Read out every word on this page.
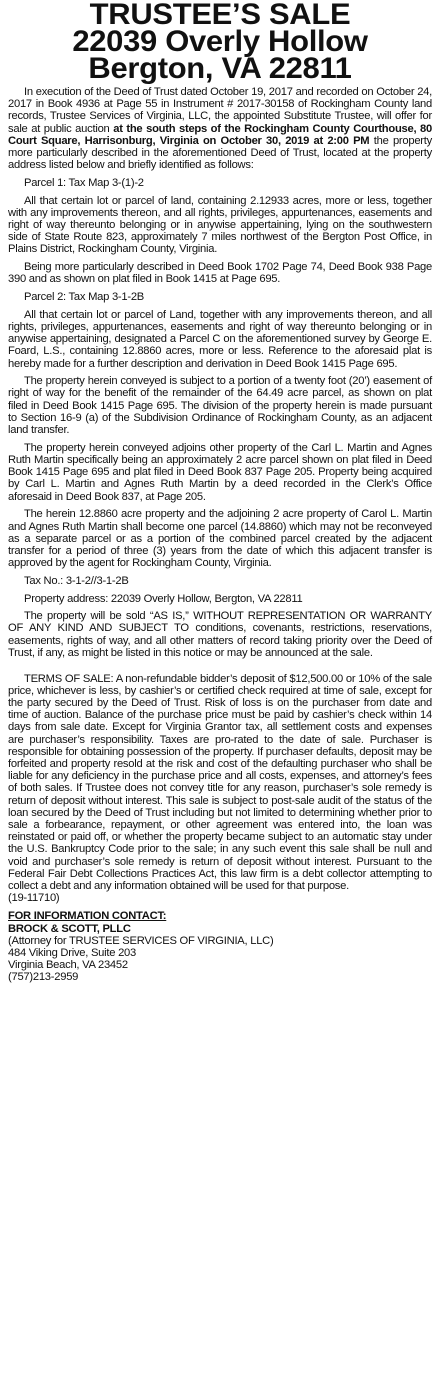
TRUSTEE’S SALE
22039 Overly Hollow
Bergton, VA 22811

In execution of the Deed of Trust dated October 19, 2017 and recorded on October 24, 2017 in Book 4936 at Page 55 in Instrument # 2017-30158 of Rockingham County land records, Trustee Services of Virginia, LLC, the appointed Substitute Trustee, will offer for sale at public auction at the south steps of the Rockingham County Courthouse, 80 Court Square, Harrisonburg, Virginia on October 30, 2019 at 2:00 PM the property more particularly described in the aforementioned Deed of Trust, located at the property address listed below and briefly identified as follows:

Parcel 1: Tax Map 3-(1)-2

All that certain lot or parcel of land, containing 2.12933 acres, more or less, together with any improvements thereon, and all rights, privileges, appurtenances, easements and right of way thereunto belonging or in anywise appertaining, lying on the southwestern side of State Route 823, approximately 7 miles northwest of the Bergton Post Office, in Plains District, Rockingham County, Virginia.

Being more particularly described in Deed Book 1702 Page 74, Deed Book 938 Page 390 and as shown on plat filed in Book 1415 at Page 695.

Parcel 2: Tax Map 3-1-2B

All that certain lot or parcel of Land, together with any improvements thereon, and all rights, privileges, appurtenances, easements and right of way thereunto belonging or in anywise appertaining, designated a Parcel C on the aforementioned survey by George E. Foard, L.S., containing 12.8860 acres, more or less. Reference to the aforesaid plat is hereby made for a further description and derivation in Deed Book 1415 Page 695.

The property herein conveyed is subject to a portion of a twenty foot (20’) easement of right of way for the benefit of the remainder of the 64.49 acre parcel, as shown on plat filed in Deed Book 1415 Page 695. The division of the property herein is made pursuant to Section 16-9 (a) of the Subdivision Ordinance of Rockingham County, as an adjacent land transfer.

The property herein conveyed adjoins other property of the Carl L. Martin and Agnes Ruth Martin specifically being an approximately 2 acre parcel shown on plat filed in Deed Book 1415 Page 695 and plat filed in Deed Book 837 Page 205. Property being acquired by Carl L. Martin and Agnes Ruth Martin by a deed recorded in the Clerk’s Office aforesaid in Deed Book 837, at Page 205.

The herein 12.8860 acre property and the adjoining 2 acre property of Carol L. Martin and Agnes Ruth Martin shall become one parcel (14.8860) which may not be reconveyed as a separate parcel or as a portion of the combined parcel created by the adjacent transfer for a period of three (3) years from the date of which this adjacent transfer is approved by the agent for Rockingham County, Virginia.

Tax No.: 3-1-2//3-1-2B

Property address: 22039 Overly Hollow, Bergton, VA 22811

The property will be sold “AS IS,” WITHOUT REPRESENTATION OR WARRANTY OF ANY KIND AND SUBJECT TO conditions, covenants, restrictions, reservations, easements, rights of way, and all other matters of record taking priority over the Deed of Trust, if any, as might be listed in this notice or may be announced at the sale.

TERMS OF SALE: A non-refundable bidder’s deposit of $12,500.00 or 10% of the sale price, whichever is less, by cashier’s or certified check required at time of sale, except for the party secured by the Deed of Trust. Risk of loss is on the purchaser from date and time of auction. Balance of the purchase price must be paid by cashier’s check within 14 days from sale date. Except for Virginia Grantor tax, all settlement costs and expenses are purchaser’s responsibility. Taxes are pro-rated to the date of sale. Purchaser is responsible for obtaining possession of the property. If purchaser defaults, deposit may be forfeited and property resold at the risk and cost of the defaulting purchaser who shall be liable for any deficiency in the purchase price and all costs, expenses, and attorney’s fees of both sales. If Trustee does not convey title for any reason, purchaser’s sole remedy is return of deposit without interest. This sale is subject to post-sale audit of the status of the loan secured by the Deed of Trust including but not limited to determining whether prior to sale a forbearance, repayment, or other agreement was entered into, the loan was reinstated or paid off, or whether the property became subject to an automatic stay under the U.S. Bankruptcy Code prior to the sale; in any such event this sale shall be null and void and purchaser’s sole remedy is return of deposit without interest. Pursuant to the Federal Fair Debt Collections Practices Act, this law firm is a debt collector attempting to collect a debt and any information obtained will be used for that purpose.

(19-11710)

FOR INFORMATION CONTACT:
BROCK & SCOTT, PLLC
(Attorney for TRUSTEE SERVICES OF VIRGINIA, LLC)
484 Viking Drive, Suite 203
Virginia Beach, VA 23452
(757)213-2959
